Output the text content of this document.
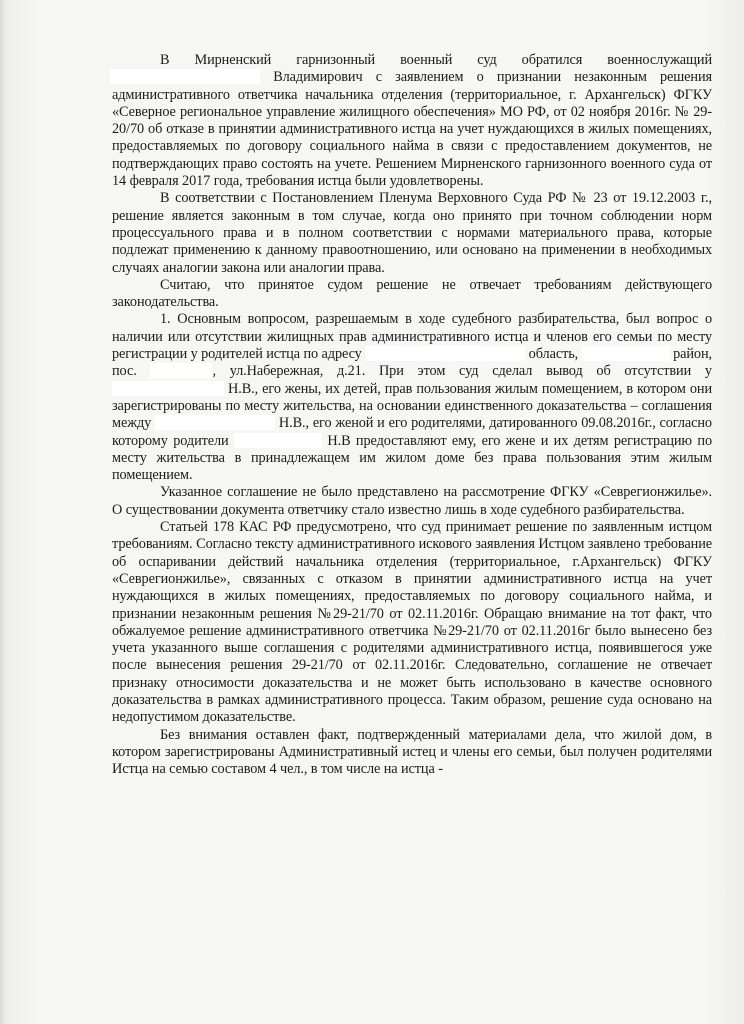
В Мирненский гарнизонный военный суд обратился военнослужащий  Владимирович с заявлением о признании незаконным решения административного ответчика начальника отделения (территориальное, г. Архангельск) ФГКУ «Северное региональное управление жилищного обеспечения» МО РФ, от 02 ноября 2016г. № 29-20/70 об отказе в принятии административного истца на учет нуждающихся в жилых помещениях, предоставляемых по договору социального найма в связи с предоставлением документов, не подтверждающих право состоять на учете. Решением Мирненского гарнизонного военного суда от 14 февраля 2017 года, требования истца были удовлетворены.

В соответствии с Постановлением Пленума Верховного Суда РФ № 23 от 19.12.2003 г., решение является законным в том случае, когда оно принято при точном соблюдении норм процессуального права и в полном соответствии с нормами материального права, которые подлежат применению к данному правоотношению, или основано на применении в необходимых случаях аналогии закона или аналогии права.

Считаю, что принятое судом решение не отвечает требованиям действующего законодательства.

1. Основным вопросом, разрешаемым в ходе судебного разбирательства, был вопрос о наличии или отсутствии жилищных прав административного истца и членов его семьи по месту регистрации у родителей истца по адресу	область,	район, пос.	, ул.Набережная, д.21. При этом суд сделал вывод об отсутствии у  Н.В., его жены, их детей, прав пользования жилым помещением, в котором они зарегистрированы по месту жительства, на основании единственного доказательства – соглашения между	Н.В., его женой и его родителями, датированного 09.08.2016г., согласно которому родители	Н.В предоставляют ему, его жене и их детям регистрацию по месту жительства в принадлежащем им жилом доме без права пользования этим жилым помещением.

Указанное соглашение не было представлено на рассмотрение ФГКУ «Севрегионжилье». О существовании документа ответчику стало известно лишь в ходе судебного разбирательства.

Статьей 178 КАС РФ предусмотрено, что суд принимает решение по заявленным истцом требованиям. Согласно тексту административного искового заявления Истцом заявлено требование об оспаривании действий начальника отделения (территориальное, г.Архангельск) ФГКУ «Севрегионжилье», связанных с отказом в принятии административного истца на учет нуждающихся в жилых помещениях, предоставляемых по договору социального найма, и признании незаконным решения №29-21/70 от 02.11.2016г. Обращаю внимание на тот факт, что обжалуемое решение административного ответчика №29-21/70 от 02.11.2016г было вынесено без учета указанного выше соглашения с родителями административного истца, появившегося уже после вынесения решения 29-21/70 от 02.11.2016г. Следовательно, соглашение не отвечает признаку относимости доказательства и не может быть использовано в качестве основного доказательства в рамках административного процесса. Таким образом, решение суда основано на недопустимом доказательстве.

Без внимания оставлен факт, подтвержденный материалами дела, что жилой дом, в котором зарегистрированы Административный истец и члены его семьи, был получен родителями Истца на семью составом 4 чел., в том числе на истца -
